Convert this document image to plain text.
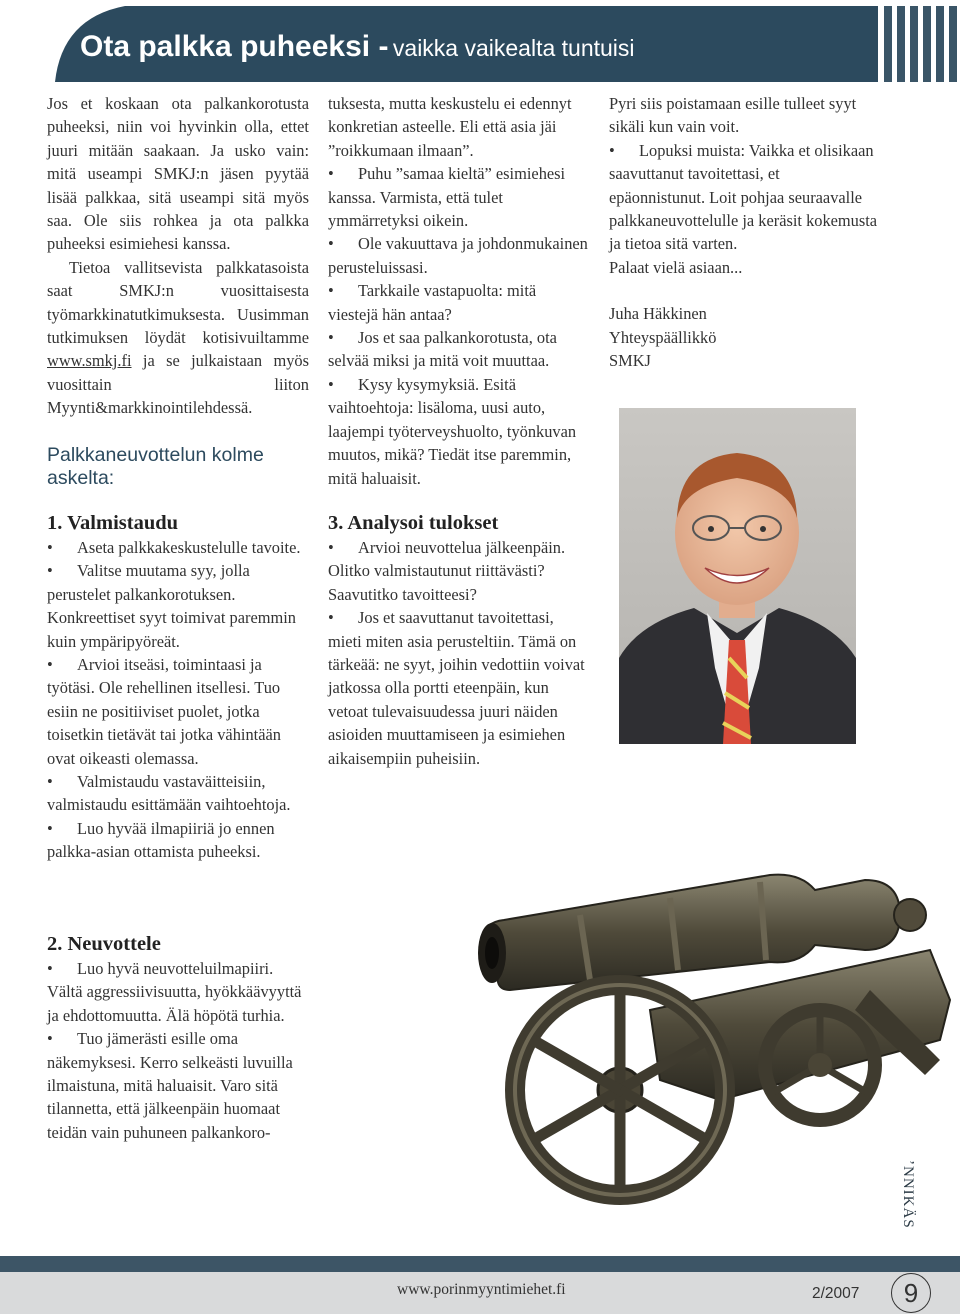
Ota palkka puheeksi - vaikka vaikealta tuntuisi

Jos et koskaan ota palkankorotusta puheeksi, niin voi hyvinkin olla, ettet juuri mitään saakaan. Ja usko vain: mitä useampi SMKJ:n jäsen pyytää lisää palkkaa, sitä useampi sitä myös saa. Ole siis rohkea ja ota palkka puheeksi esimiehesi kanssa.

Tietoa vallitsevista palkkatasoista saat SMKJ:n vuosittaisesta työmarkkinatutkimuksesta. Uusimman tutkimuksen löydät kotisivuiltamme www.smkj.fi ja se julkaistaan myös vuosittain liiton Myynti&markkinointilehdessä.

Palkkaneuvottelun kolme askelta:

1. Valmistaudu

• Aseta palkkakeskustelulle tavoite.

• Valitse muutama syy, jolla perustelet palkankorotuksen. Konkreettiset syyt toimivat paremmin kuin ympäripyöreät.

• Arvioi itseäsi, toimintaasi ja työtäsi. Ole rehellinen itsellesi. Tuo esiin ne positiiviset puolet, jotka toisetkin tietävät tai jotka vähintään ovat oikeasti olemassa.

• Valmistaudu vastaväitteisiin, valmistaudu esittämään vaihtoehtoja.

• Luo hyvää ilmapiiriä jo ennen palkka-asian ottamista puheeksi.

2. Neuvottele

• Luo hyvä neuvotteluilmapiiri. Vältä aggressiivisuutta, hyökkäävyyttä ja ehdottomuutta. Älä höpötä turhia.

• Tuo jämerästi esille oma näkemyksesi. Kerro selkeästi luvuilla ilmaistuna, mitä haluaisit. Varo sitä tilannetta, että jälkeenpäin huomaat teidän vain puhuneen palkankoro-

tuksesta, mutta keskustelu ei edennyt konkretian asteelle. Eli että asia jäi ”roikkumaan ilmaan”.

• Puhu ”samaa kieltä” esimiehesi kanssa. Varmista, että tulet ymmärretyksi oikein.

• Ole vakuuttava ja johdonmukainen perusteluissasi.

• Tarkkaile vastapuolta: mitä viestejä hän antaa?

• Jos et saa palkankorotusta, ota selvää miksi ja mitä voit muuttaa.

• Kysy kysymyksiä. Esitä vaihtoehtoja: lisäloma, uusi auto, laajempi työterveyshuolto, työnkuvan muutos, mikä? Tiedät itse paremmin, mitä haluaisit.

3. Analysoi tulokset

• Arvioi neuvottelua jälkeenpäin. Olitko valmistautunut riittävästi? Saavutitko tavoitteesi?

• Jos et saavuttanut tavoitettasi, mieti miten asia perusteltiin. Tämä on tärkeää: ne syyt, joihin vedottiin voivat jatkossa olla portti eteenpäin, kun vetoat tulevaisuudessa juuri näiden asioiden muuttamiseen ja esimiehen aikaisempiin puheisiin.

Pyri siis poistamaan esille tulleet syyt sikäli kun vain voit.

• Lopuksi muista: Vaikka et olisikaan saavuttanut tavoitettasi, et epäonnistunut. Loit pohjaa seuraavalle palkkaneuvottelulle ja keräsit kokemusta ja tietoa sitä varten.

Palaat vielä asiaan...

Juha Häkkinen

Yhteyspäällikkö

SMKJ

ʼNNIKÄS
www.porinmyyntimiehet.fi	2/2007	9
